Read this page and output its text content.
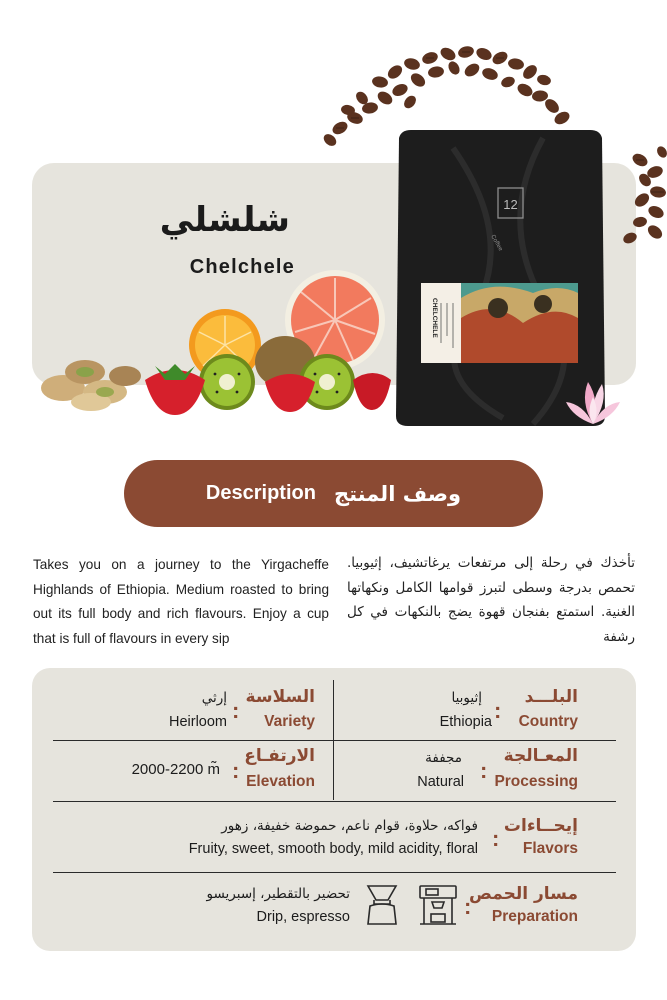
شلشلي
Chelchele
12
Coffee
CHELCHELE
Description وصف المنتج

Takes you on a journey to the Yirgacheffe Highlands of Ethiopia. Medium roasted to bring out its full body and rich flavours. Enjoy a cup that is full of flavours in every sip

تأخذك في رحلة إلى مرتفعات يرغاتشيف، إثيوبيا. تحمص بدرجة وسطى لتبرز قوامها الكامل ونكهاتها الغنية. استمتع بفنجان قهوة يضج بالنكهات في كل رشفة

البلـــد
Country
:
إثيوبيا
Ethiopia
السلاسة
Variety
:
إرثي
Heirloom
المعـالجة
Processing
:
مجففة
Natural
الارتفـاع
Elevation
:
2000-2200 m̃
إيحــاءات
Flavors
:
فواكه، حلاوة، قوام ناعم، حموضة خفيفة، زهور
Fruity, sweet, smooth body, mild acidity, floral
مسار الحمص
Preparation
:
تحضير بالتقطير، إسبريسو
Drip, espresso
